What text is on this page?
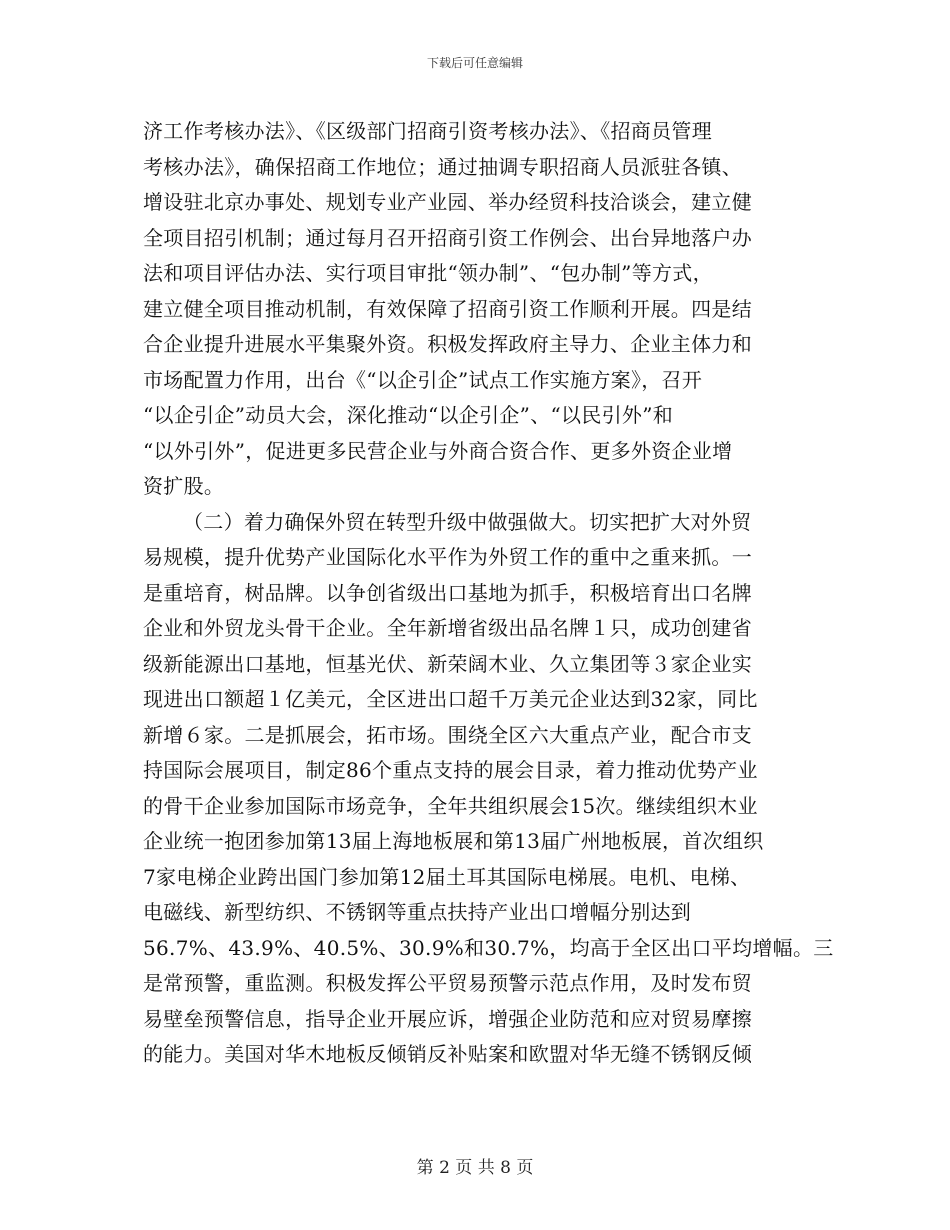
下载后可任意编辑
济工作考核办法》、《区级部门招商引资考核办法》、《招商员管理
考核办法》，确保招商工作地位；通过抽调专职招商人员派驻各镇、
增设驻北京办事处、规划专业产业园、举办经贸科技洽谈会，建立健
全项目招引机制；通过每月召开招商引资工作例会、出台异地落户办
法和项目评估办法、实行项目审批“领办制”、“包办制”等方式，
建立健全项目推动机制，有效保障了招商引资工作顺利开展。四是结
合企业提升进展水平集聚外资。积极发挥政府主导力、企业主体力和
市场配置力作用，出台《“以企引企”试点工作实施方案》，召开
“以企引企”动员大会，深化推动“以企引企”、“以民引外”和
“以外引外”，促进更多民营企业与外商合资合作、更多外资企业增
资扩股。
（二）着力确保外贸在转型升级中做强做大。切实把扩大对外贸
易规模，提升优势产业国际化水平作为外贸工作的重中之重来抓。一
是重培育，树品牌。以争创省级出口基地为抓手，积极培育出口名牌
企业和外贸龙头骨干企业。全年新增省级出品名牌１只，成功创建省
级新能源出口基地，恒基光伏、新荣阔木业、久立集团等３家企业实
现进出口额超１亿美元，全区进出口超千万美元企业达到32家，同比
新增６家。二是抓展会，拓市场。围绕全区六大重点产业，配合市支
持国际会展项目，制定86个重点支持的展会目录，着力推动优势产业
的骨干企业参加国际市场竞争，全年共组织展会15次。继续组织木业
企业统一抱团参加第13届上海地板展和第13届广州地板展，首次组织
7家电梯企业跨出国门参加第12届土耳其国际电梯展。电机、电梯、
电磁线、新型纺织、不锈钢等重点扶持产业出口增幅分别达到
56.7%、43.9%、40.5%、30.9%和30.7%，均高于全区出口平均增幅。三
是常预警，重监测。积极发挥公平贸易预警示范点作用，及时发布贸
易壁垒预警信息，指导企业开展应诉，增强企业防范和应对贸易摩擦
的能力。美国对华木地板反倾销反补贴案和欧盟对华无缝不锈钢反倾
第 2 页 共 8 页
